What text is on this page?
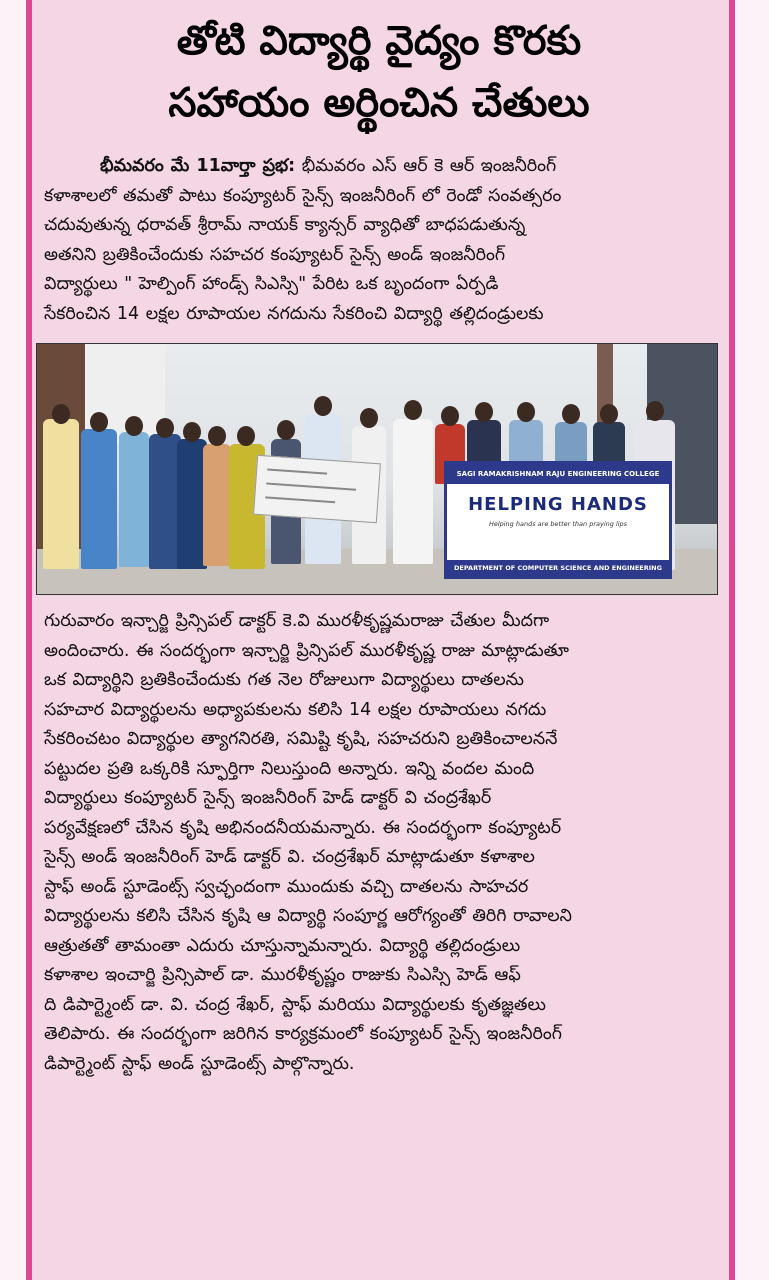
తోటి విద్యార్థి వైద్యం కొరకు
సహాయం అర్థించిన చేతులు
భీమవరం మే 11వార్తా ప్రభ: భీమవరం ఎస్ ఆర్ కె ఆర్ ఇంజనీరింగ్
కళాశాలలో తమతో పాటు కంప్యూటర్ సైన్స్ ఇంజనీరింగ్ లో రెండో సంవత్సరం
చదువుతున్న ధరావత్ శ్రీరామ్ నాయక్ క్యాన్సర్ వ్యాధితో బాధపడుతున్న
అతనిని బ్రతికించేందుకు సహచర కంప్యూటర్ సైన్స్ అండ్ ఇంజనీరింగ్
విద్యార్థులు " హెల్పింగ్ హాండ్స్ సిఎస్సి" పేరిట ఒక బృందంగా ఏర్పడి
సేకరించిన 14 లక్షల రూపాయల నగదును సేకరించి విద్యార్థి తల్లిదండ్రులకు
SAGI RAMAKRISHNAM RAJU ENGINEERING COLLEGE
HELPING HANDS
Helping hands are better than praying lips
DEPARTMENT OF COMPUTER SCIENCE AND ENGINEERING
గురువారం ఇన్చార్జి ప్రిన్సిపల్ డాక్టర్ కె.వి మురళీకృష్ణమరాజు చేతుల మీదగా
అందించారు. ఈ సందర్భంగా ఇన్చార్జి ప్రిన్సిపల్ మురళీకృష్ణ రాజు మాట్లాడుతూ
ఒక విద్యార్థిని బ్రతికించేందుకు గత నెల రోజులుగా విద్యార్థులు దాతలను
సహచార విద్యార్థులను అధ్యాపకులను కలిసి 14 లక్షల రూపాయలు నగదు
సేకరించటం విద్యార్థుల త్యాగనిరతి, సమిష్టి కృషి, సహచరుని బ్రతికించాలననే
పట్టుదల ప్రతి ఒక్కరికి స్ఫూర్తిగా నిలుస్తుంది అన్నారు. ఇన్ని వందల మంది
విద్యార్థులు కంప్యూటర్ సైన్స్ ఇంజనీరింగ్ హెడ్ డాక్టర్ వి చంద్రశేఖర్
పర్యవేక్షణలో చేసిన కృషి అభినందనీయమన్నారు. ఈ సందర్భంగా కంప్యూటర్
సైన్స్ అండ్ ఇంజనీరింగ్ హెడ్ డాక్టర్ వి. చంద్రశేఖర్ మాట్లాడుతూ కళాశాల
స్టాఫ్ అండ్ స్టూడెంట్స్ స్వచ్ఛందంగా ముందుకు వచ్చి దాతలను సాహచర
విద్యార్థులను కలిసి చేసిన కృషి ఆ విద్యార్థి సంపూర్ణ ఆరోగ్యంతో తిరిగి రావాలని
ఆత్రుతతో తామంతా ఎదురు చూస్తున్నామన్నారు. విద్యార్థి తల్లిదండ్రులు
కళాశాల ఇంచార్జి ప్రిన్సిపాల్ డా. మురళీకృష్ణం రాజుకు సిఎస్సి హెడ్ ఆఫ్
ది డిపార్ట్మెంట్ డా. వి. చంద్ర శేఖర్, స్టాఫ్ మరియు విద్యార్థులకు కృతజ్ఞతలు
తెలిపారు. ఈ సందర్భంగా జరిగిన కార్యక్రమంలో కంప్యూటర్ సైన్స్ ఇంజనీరింగ్
డిపార్ట్మెంట్ స్టాఫ్ అండ్ స్టూడెంట్స్ పాల్గొన్నారు.
